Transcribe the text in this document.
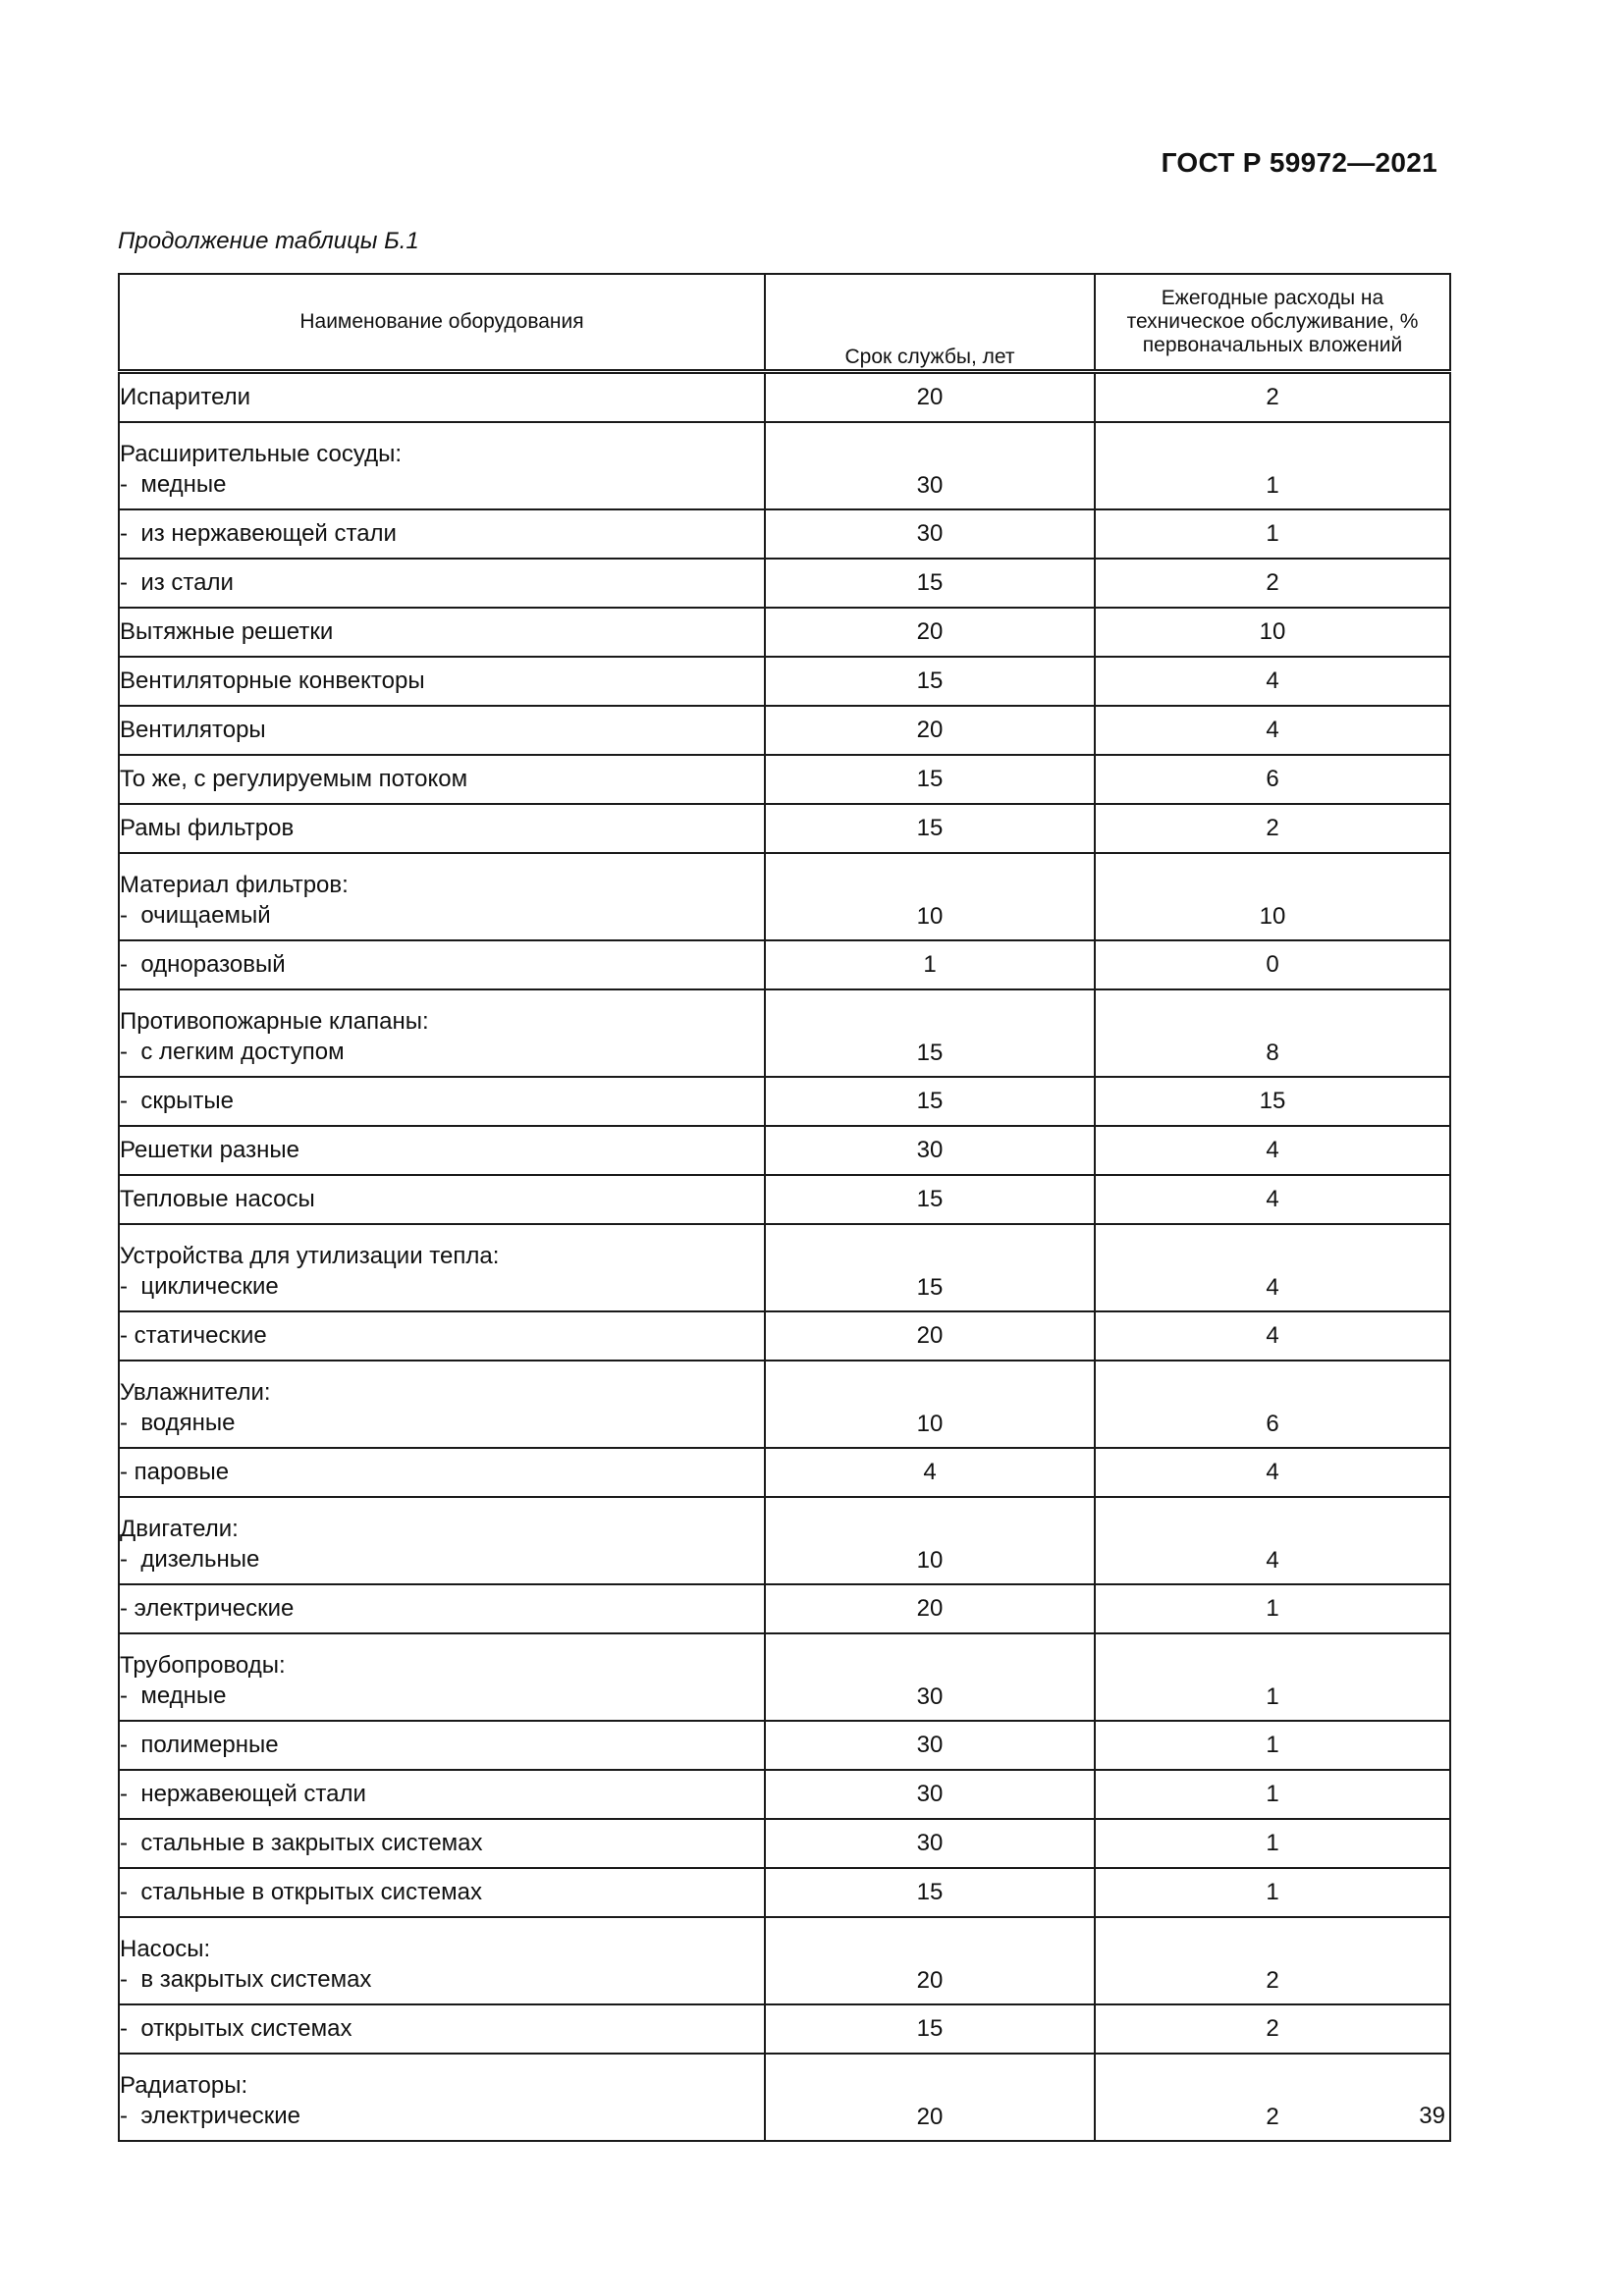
ГОСТ Р 59972—2021
Продолжение таблицы Б.1
Наименование оборудования	Срок службы, лет	Ежегодные расходы на
техническое обслуживание, %
первоначальных вложений
Испарители	20	2
Расширительные сосуды:
-  медные	30	1
-  из нержавеющей стали	30	1
-  из стали	15	2
Вытяжные решетки	20	10
Вентиляторные конвекторы	15	4
Вентиляторы	20	4
То же, с регулируемым потоком	15	6
Рамы фильтров	15	2
Материал фильтров:
-  очищаемый	10	10
-  одноразовый	1	0
Противопожарные клапаны:
-  с легким доступом	15	8
-  скрытые	15	15
Решетки разные	30	4
Тепловые насосы	15	4
Устройства для утилизации тепла:
-  циклические	15	4
- статические	20	4
Увлажнители:
-  водяные	10	6
- паровые	4	4
Двигатели:
-  дизельные	10	4
- электрические	20	1
Трубопроводы:
-  медные	30	1
-  полимерные	30	1
-  нержавеющей стали	30	1
-  стальные в закрытых системах	30	1
-  стальные в открытых системах	15	1
Насосы:
-  в закрытых системах	20	2
-  открытых системах	15	2
Радиаторы:
-  электрические	20	2	39
